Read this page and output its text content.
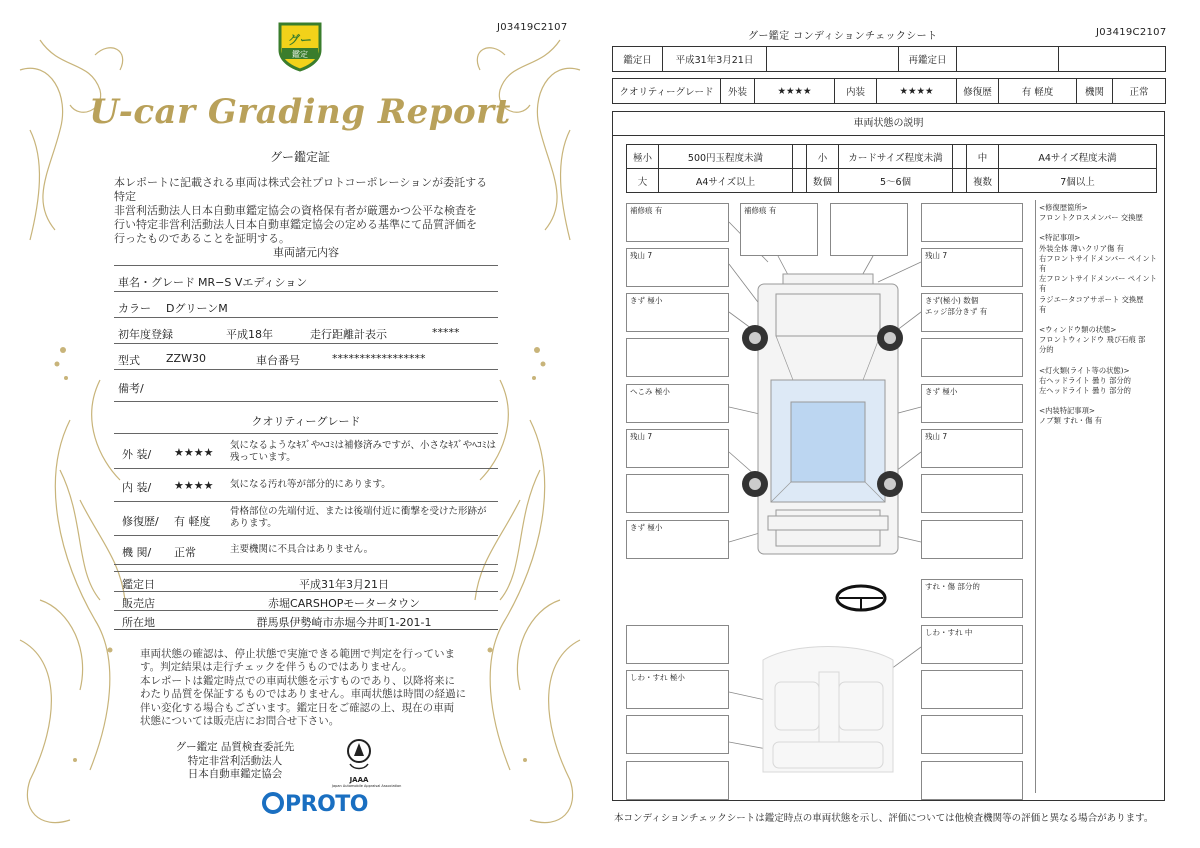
J03419C2107
グー
鑑定
U-car Grading Report
グー鑑定証
本レポートに記載される車両は株式会社プロトコーポレーションが委託する特定
非営利活動法人日本自動車鑑定協会の資格保有者が厳選かつ公平な検査を
行い特定非営利活動法人日本自動車鑑定協会の定める基準にて品質評価を
行ったものであることを証明する。
車両諸元内容
車名・グレード MR−S Vエディション
カラー DグリーンM
初年度登録	平成18年	走行距離計表示	*****
型式 ZZW30	車台番号	*****************
備考/
クオリティーグレード
外 装/ ★★★★
気になるようなｷｽﾞやﾍｺﾐは補修済みですが、小さなｷｽﾞやﾍｺﾐは
残っています。
内 装/ ★★★★ 気になる汚れ等が部分的にあります。
修復歴/ 有 軽度
骨格部位の先端付近、または後端付近に衝撃を受けた形跡が
あります。
機 関/ 正常	主要機関に不具合はありません。
鑑定日	平成31年3月21日
販売店	赤堀CARSHOPモータータウン
所在地	群馬県伊勢崎市赤堀今井町1-201-1
車両状態の確認は、停止状態で実施できる範囲で判定を行っていま
す。判定結果は走行チェックを伴うものではありません。
本レポートは鑑定時点での車両状態を示すものであり、以降将来に
わたり品質を保証するものではありません。車両状態は時間の経過に
伴い変化する場合もございます。鑑定日をご確認の上、現在の車両
状態については販売店にお問合せ下さい。
グー鑑定 品質検査委託先
特定非営利活動法人
日本自動車鑑定協会	JAAA
Japan Automobile Appraisal Association
PROTO
グー鑑定 コンディションチェックシート	J03419C2107
鑑定日	平成31年3月21日		再鑑定日		
クオリティーグレード	外装	★★★★	内装	★★★★	修復歴	有 軽度	機関	正常
車両状態の説明
極小	500円玉程度未満		小	カードサイズ程度未満		中	A4サイズ程度未満
大	A4サイズ以上		数個	5〜6個		複数	7個以上
補修痕 有
残山 7
きず 極小
へこみ 極小
残山 7
きず 極小
補修痕 有
残山 7
きず(極小) 数個
エッジ部分きず 有
きず 極小
残山 7
すれ・傷 部分的
しわ・すれ 極小
しわ・すれ 中
<修復歴箇所>
フロントクロスメンバー 交換歴
<特記事項>
外装全体 薄いクリア傷 有
右フロントサイドメンバー ペイント
有
左フロントサイドメンバー ペイント
有
ラジエータコアサポート 交換歴
有
<ウィンドウ類の状態>
フロントウィンドウ 飛び石痕 部
分的
<灯火類(ライト等の状態)>
右ヘッドライト 曇り 部分的
左ヘッドライト 曇り 部分的
<内装特記事項>
ノブ類 すれ・傷 有
本コンディションチェックシートは鑑定時点の車両状態を示し、評価については他検査機関等の評価と異なる場合があります。
